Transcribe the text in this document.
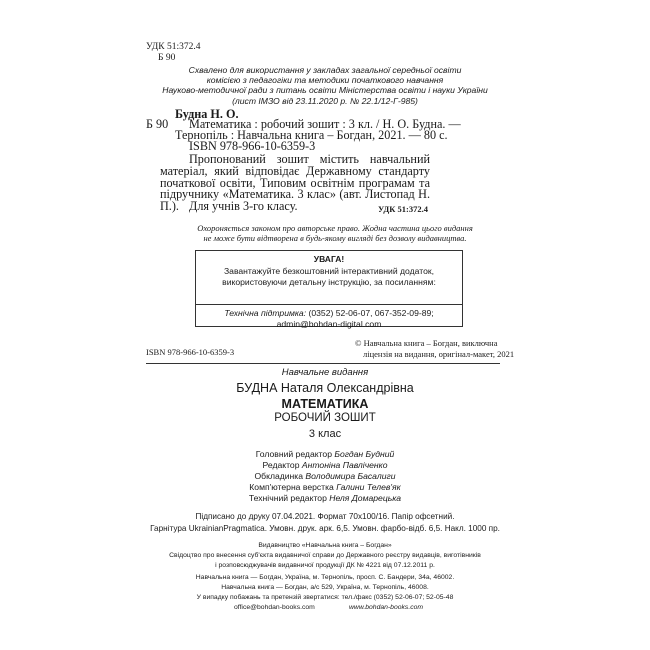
УДК 51:372.4
Б 90
Схвалено для використання у закладах загальної середньої освіти
комісією з педагогіки та методики початкового навчання
Науково-методичної ради з питань освіти Міністерства освіти і науки України
(лист ІМЗО від 23.11.2020 р. № 22.1/12-Г-985)
Будна Н. О.
Б 90 Математика : робочий зошит : 3 кл. / Н. О. Будна. —
Тернопіль : Навчальна книга – Богдан, 2021. — 80 с.
ISBN 978-966-10-6359-3
Пропонований зошит містить навчальний матеріал, який відповідає Державному стандарту початкової освіти, Типовим освітнім програмам та підручнику «Математика. 3 клас» (авт. Листопад Н. П.). Для учнів 3-го класу.	УДК 51:372.4
Охороняється законом про авторське право. Жодна частина цього видання
не може бути відтворена в будь-якому вигляді без дозволу видавництва.
УВАГА!
Завантажуйте безкоштовний інтерактивний додаток,
використовуючи детальну інструкцію, за посиланням:
Технічна підтримка: (0352) 52-06-07, 067-352-09-89;
admin@bohdan-digital.com
ISBN 978-966-10-6359-3
© Навчальна книга – Богдан, виключна
ліцензія на видання, оригінал-макет, 2021
Навчальне видання
БУДНА Наталя Олександрівна
МАТЕМАТИКА
РОБОЧИЙ ЗОШИТ
3 клас
Головний редактор Богдан Будний
Редактор Антоніна Павліченко
Обкладинка Володимира Басалиги
Комп'ютерна верстка Галини Телев'як
Технічний редактор Неля Домарецька
Підписано до друку 07.04.2021. Формат 70х100/16. Папір офсетний.
Гарнітура UkrainianPragmatica. Умовн. друк. арк. 6,5. Умовн. фарбо-відб. 6,5. Накл. 1000 пр.
Видавництво «Навчальна книга – Богдан»
Свідоцтво про внесення суб'єкта видавничої справи до Державного реєстру видавців, виготівників
і розповсюджувачів видавничої продукції ДК № 4221 від 07.12.2011 р.
Навчальна книга — Богдан, Україна, м. Тернопіль, просп. С. Бандери, 34а, 46002.
Навчальна книга — Богдан, а/с 529, Україна, м. Тернопіль, 46008.
У випадку побажань та претензій звертатися: тел./факс (0352) 52-06-07; 52-05-48
office@bohdan-books.com	www.bohdan-books.com
